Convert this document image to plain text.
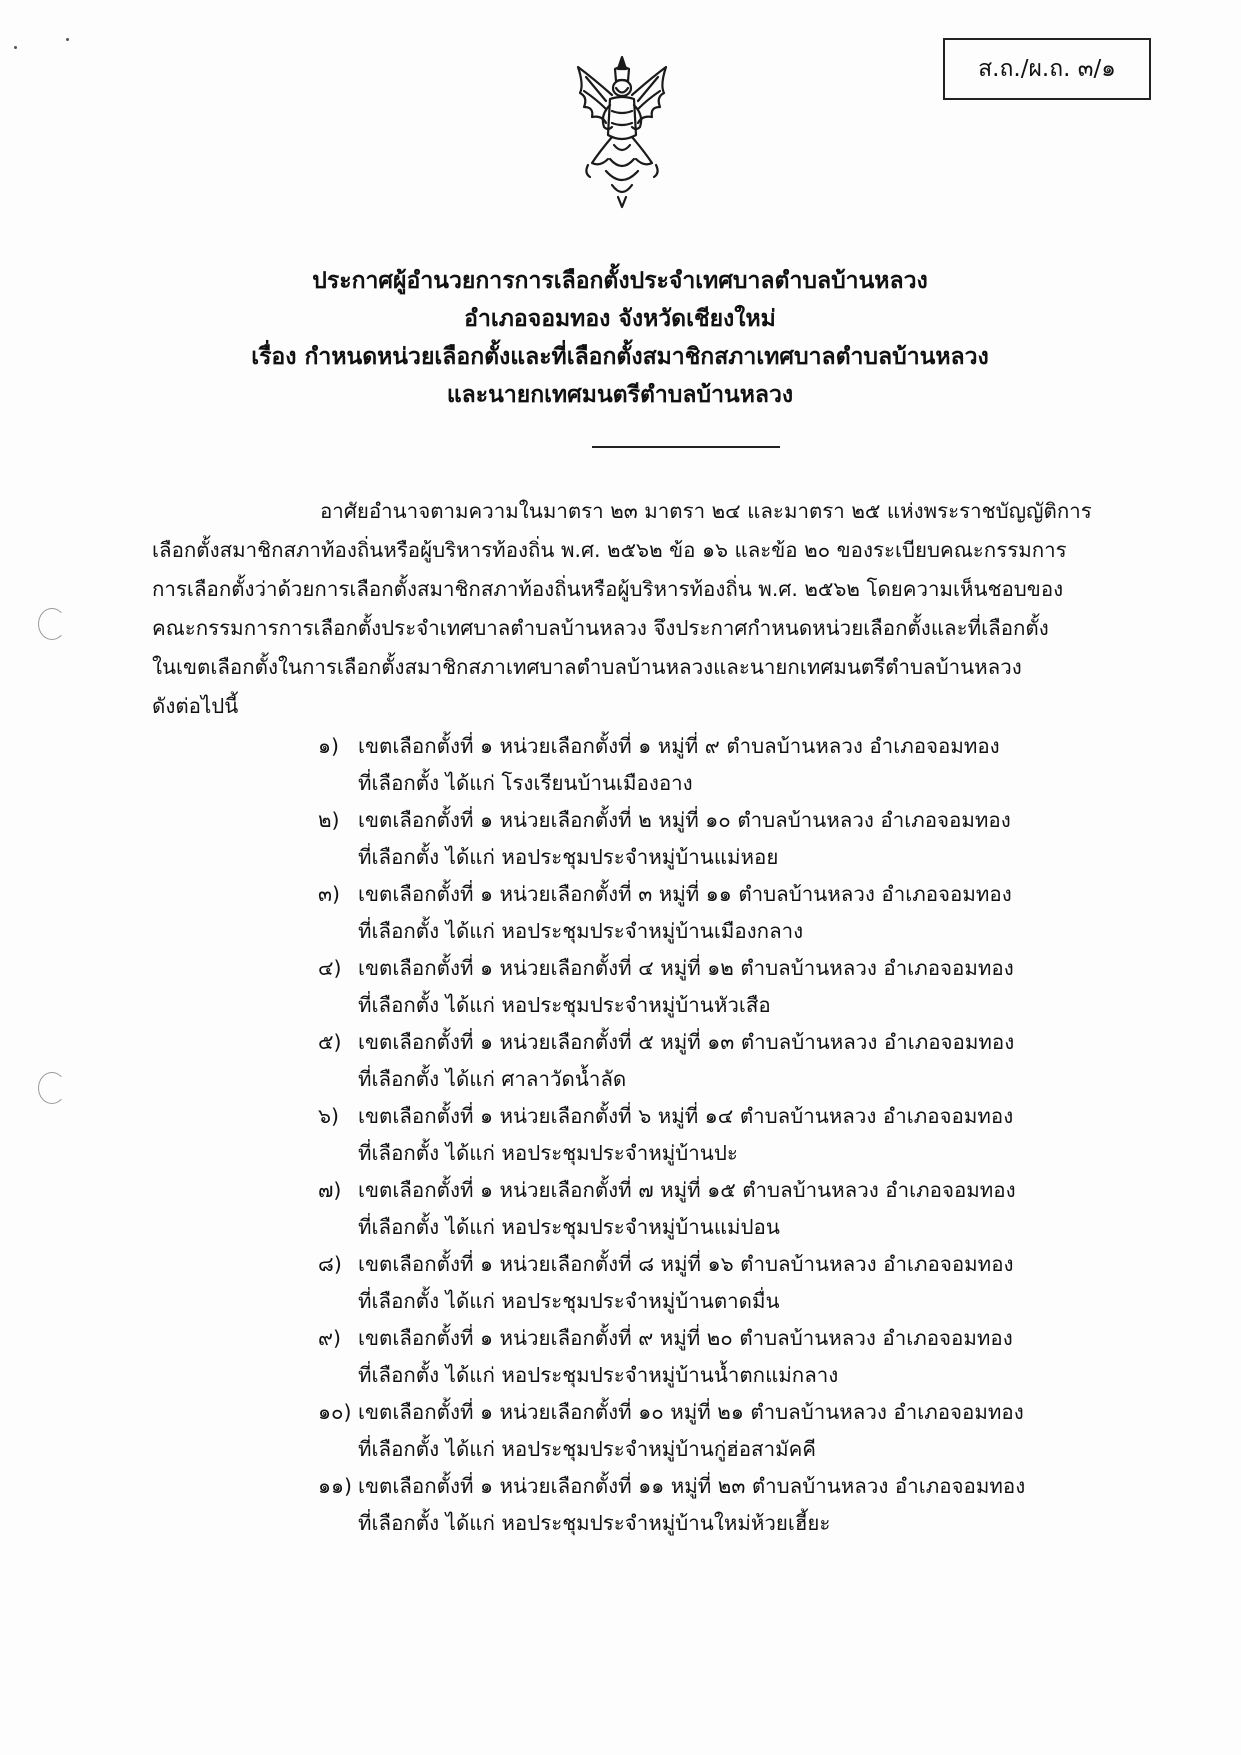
ส.ถ./ผ.ถ. ๓/๑
ประกาศผู้อำนวยการการเลือกตั้งประจำเทศบาลตำบลบ้านหลวง
อำเภอจอมทอง จังหวัดเชียงใหม่
เรื่อง กำหนดหน่วยเลือกตั้งและที่เลือกตั้งสมาชิกสภาเทศบาลตำบลบ้านหลวง
และนายกเทศมนตรีตำบลบ้านหลวง
อาศัยอำนาจตามความในมาตรา ๒๓ มาตรา ๒๔ และมาตรา ๒๕ แห่งพระราชบัญญัติการ
เลือกตั้งสมาชิกสภาท้องถิ่นหรือผู้บริหารท้องถิ่น พ.ศ. ๒๕๖๒ ข้อ ๑๖ และข้อ ๒๐ ของระเบียบคณะกรรมการ
การเลือกตั้งว่าด้วยการเลือกตั้งสมาชิกสภาท้องถิ่นหรือผู้บริหารท้องถิ่น พ.ศ. ๒๕๖๒ โดยความเห็นชอบของ
คณะกรรมการการเลือกตั้งประจำเทศบาลตำบลบ้านหลวง จึงประกาศกำหนดหน่วยเลือกตั้งและที่เลือกตั้ง
ในเขตเลือกตั้งในการเลือกตั้งสมาชิกสภาเทศบาลตำบลบ้านหลวงและนายกเทศมนตรีตำบลบ้านหลวง
ดังต่อไปนี้
๑) เขตเลือกตั้งที่ ๑ หน่วยเลือกตั้งที่ ๑ หมู่ที่ ๙ ตำบลบ้านหลวง อำเภอจอมทอง
ที่เลือกตั้ง ได้แก่ โรงเรียนบ้านเมืองอาง
๒) เขตเลือกตั้งที่ ๑ หน่วยเลือกตั้งที่ ๒ หมู่ที่ ๑๐ ตำบลบ้านหลวง อำเภอจอมทอง
ที่เลือกตั้ง ได้แก่ หอประชุมประจำหมู่บ้านแม่หอย
๓) เขตเลือกตั้งที่ ๑ หน่วยเลือกตั้งที่ ๓ หมู่ที่ ๑๑ ตำบลบ้านหลวง อำเภอจอมทอง
ที่เลือกตั้ง ได้แก่ หอประชุมประจำหมู่บ้านเมืองกลาง
๔) เขตเลือกตั้งที่ ๑ หน่วยเลือกตั้งที่ ๔ หมู่ที่ ๑๒ ตำบลบ้านหลวง อำเภอจอมทอง
ที่เลือกตั้ง ได้แก่ หอประชุมประจำหมู่บ้านหัวเสือ
๕) เขตเลือกตั้งที่ ๑ หน่วยเลือกตั้งที่ ๕ หมู่ที่ ๑๓ ตำบลบ้านหลวง อำเภอจอมทอง
ที่เลือกตั้ง ได้แก่ ศาลาวัดน้ำลัด
๖) เขตเลือกตั้งที่ ๑ หน่วยเลือกตั้งที่ ๖ หมู่ที่ ๑๔ ตำบลบ้านหลวง อำเภอจอมทอง
ที่เลือกตั้ง ได้แก่ หอประชุมประจำหมู่บ้านปะ
๗) เขตเลือกตั้งที่ ๑ หน่วยเลือกตั้งที่ ๗ หมู่ที่ ๑๕ ตำบลบ้านหลวง อำเภอจอมทอง
ที่เลือกตั้ง ได้แก่ หอประชุมประจำหมู่บ้านแม่ปอน
๘) เขตเลือกตั้งที่ ๑ หน่วยเลือกตั้งที่ ๘ หมู่ที่ ๑๖ ตำบลบ้านหลวง อำเภอจอมทอง
ที่เลือกตั้ง ได้แก่ หอประชุมประจำหมู่บ้านตาดมื่น
๙) เขตเลือกตั้งที่ ๑ หน่วยเลือกตั้งที่ ๙ หมู่ที่ ๒๐ ตำบลบ้านหลวง อำเภอจอมทอง
ที่เลือกตั้ง ได้แก่ หอประชุมประจำหมู่บ้านน้ำตกแม่กลาง
๑๐) เขตเลือกตั้งที่ ๑ หน่วยเลือกตั้งที่ ๑๐ หมู่ที่ ๒๑ ตำบลบ้านหลวง อำเภอจอมทอง
ที่เลือกตั้ง ได้แก่ หอประชุมประจำหมู่บ้านกู่ฮ่อสามัคคี
๑๑) เขตเลือกตั้งที่ ๑ หน่วยเลือกตั้งที่ ๑๑ หมู่ที่ ๒๓ ตำบลบ้านหลวง อำเภอจอมทอง
ที่เลือกตั้ง ได้แก่ หอประชุมประจำหมู่บ้านใหม่ห้วยเฮี้ยะ
